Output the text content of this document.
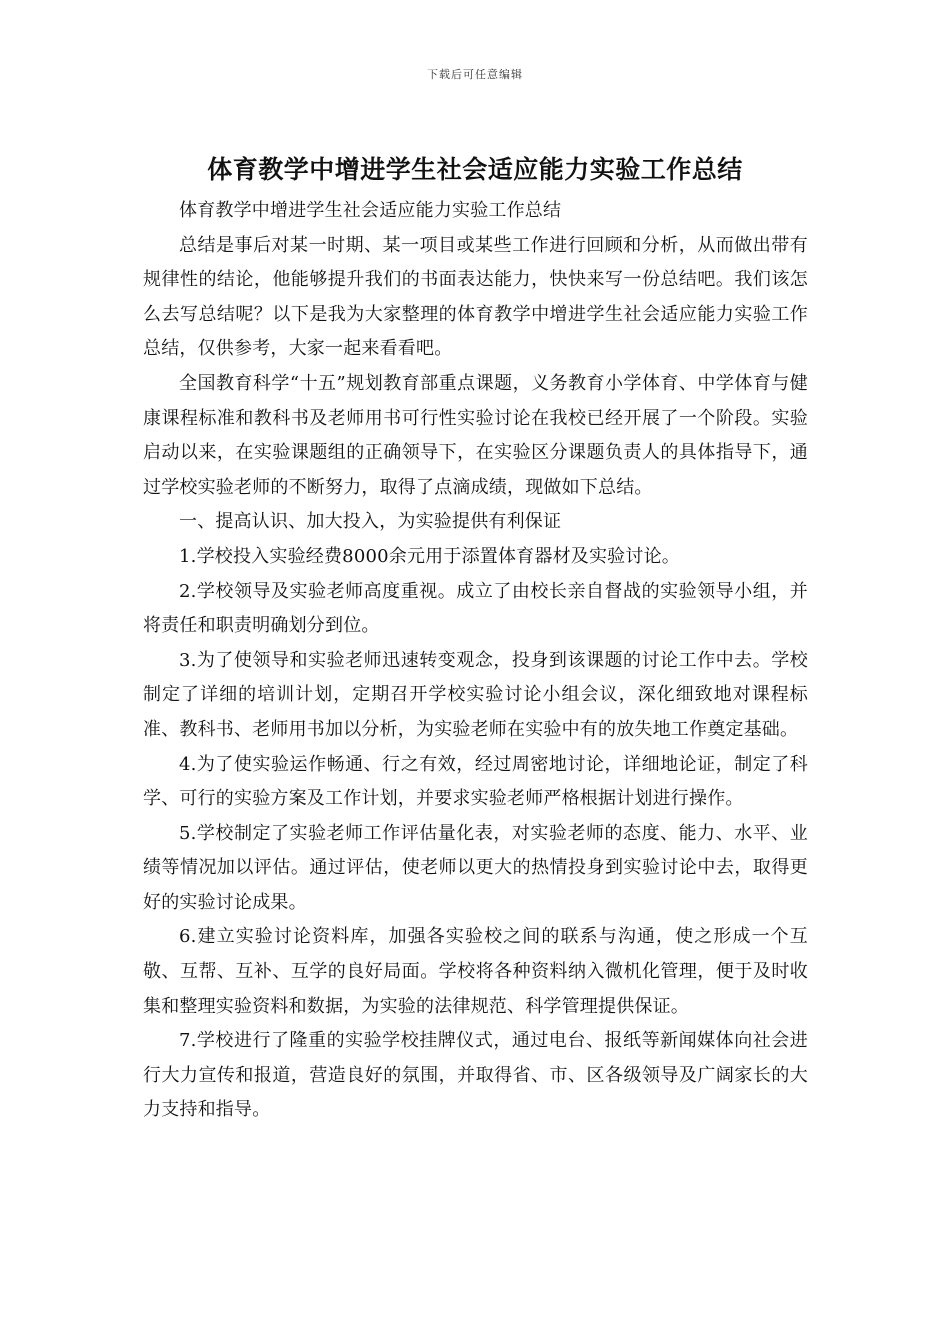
下载后可任意编辑
体育教学中增进学生社会适应能力实验工作总结

体育教学中增进学生社会适应能力实验工作总结

总结是事后对某一时期、某一项目或某些工作进行回顾和分析，从而做出带有规律性的结论，他能够提升我们的书面表达能力，快快来写一份总结吧。我们该怎么去写总结呢？以下是我为大家整理的体育教学中增进学生社会适应能力实验工作总结，仅供参考，大家一起来看看吧。

全国教育科学“十五”规划教育部重点课题，义务教育小学体育、中学体育与健康课程标准和教科书及老师用书可行性实验讨论在我校已经开展了一个阶段。实验启动以来，在实验课题组的正确领导下，在实验区分课题负责人的具体指导下，通过学校实验老师的不断努力，取得了点滴成绩，现做如下总结。

一、提高认识、加大投入，为实验提供有利保证

1.学校投入实验经费8000余元用于添置体育器材及实验讨论。

2.学校领导及实验老师高度重视。成立了由校长亲自督战的实验领导小组，并将责任和职责明确划分到位。

3.为了使领导和实验老师迅速转变观念，投身到该课题的讨论工作中去。学校制定了详细的培训计划，定期召开学校实验讨论小组会议，深化细致地对课程标准、教科书、老师用书加以分析，为实验老师在实验中有的放失地工作奠定基础。

4.为了使实验运作畅通、行之有效，经过周密地讨论，详细地论证，制定了科学、可行的实验方案及工作计划，并要求实验老师严格根据计划进行操作。

5.学校制定了实验老师工作评估量化表，对实验老师的态度、能力、水平、业绩等情况加以评估。通过评估，使老师以更大的热情投身到实验讨论中去，取得更好的实验讨论成果。

6.建立实验讨论资料库，加强各实验校之间的联系与沟通，使之形成一个互敬、互帮、互补、互学的良好局面。学校将各种资料纳入微机化管理，便于及时收集和整理实验资料和数据，为实验的法律规范、科学管理提供保证。

7.学校进行了隆重的实验学校挂牌仪式，通过电台、报纸等新闻媒体向社会进行大力宣传和报道，营造良好的氛围，并取得省、市、区各级领导及广阔家长的大力支持和指导。
